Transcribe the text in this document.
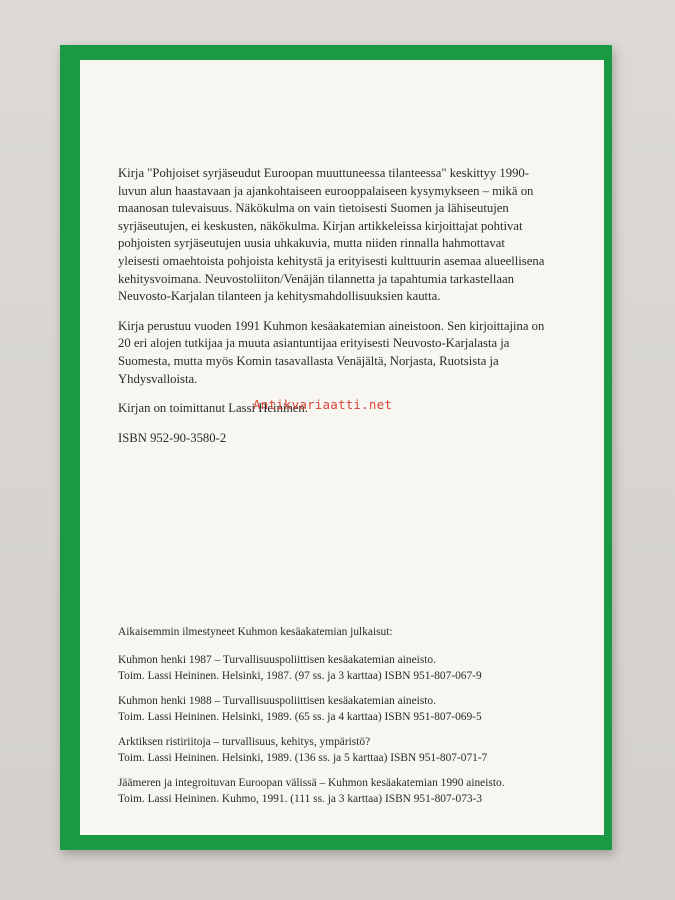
Kirja "Pohjoiset syrjäseudut Euroopan muuttuneessa tilanteessa" keskittyy 1990-luvun alun haastavaan ja ajankohtaiseen eurooppalaiseen kysymykseen – mikä on maanosan tulevaisuus. Näkökulma on vain tietoisesti Suomen ja lähiseutujen syrjäseutujen, ei keskusten, näkökulma. Kirjan artikkeleissa kirjoittajat pohtivat pohjoisten syrjäseutujen uusia uhkakuvia, mutta niiden rinnalla hahmottavat yleisesti omaehtoista pohjoista kehitystä ja erityisesti kulttuurin asemaa alueellisena kehitysvoimana. Neuvostoliiton/Venäjän tilannetta ja tapahtumia tarkastellaan Neuvosto-Karjalan tilanteen ja kehitysmahdollisuuksien kautta.

Kirja perustuu vuoden 1991 Kuhmon kesäakatemian aineistoon. Sen kirjoittajina on 20 eri alojen tutkijaa ja muuta asiantuntijaa erityisesti Neuvosto-Karjalasta ja Suomesta, mutta myös Komin tasavallasta Venäjältä, Norjasta, Ruotsista ja Yhdysvalloista.

Kirjan on toimittanut Lassi Heininen.

ISBN 952-90-3580-2

Antikvariaatti.net

Aikaisemmin ilmestyneet Kuhmon kesäakatemian julkaisut:

Kuhmon henki 1987 – Turvallisuuspoliittisen kesäakatemian aineisto.
Toim. Lassi Heininen. Helsinki, 1987. (97 ss. ja 3 karttaa) ISBN 951-807-067-9
Kuhmon henki 1988 – Turvallisuuspoliittisen kesäakatemian aineisto.
Toim. Lassi Heininen. Helsinki, 1989. (65 ss. ja 4 karttaa) ISBN 951-807-069-5
Arktiksen ristiriitoja – turvallisuus, kehitys, ympäristö?
Toim. Lassi Heininen. Helsinki, 1989. (136 ss. ja 5 karttaa) ISBN 951-807-071-7
Jäämeren ja integroituvan Euroopan välissä – Kuhmon kesäakatemian 1990 aineisto.
Toim. Lassi Heininen. Kuhmo, 1991. (111 ss. ja 3 karttaa) ISBN 951-807-073-3
